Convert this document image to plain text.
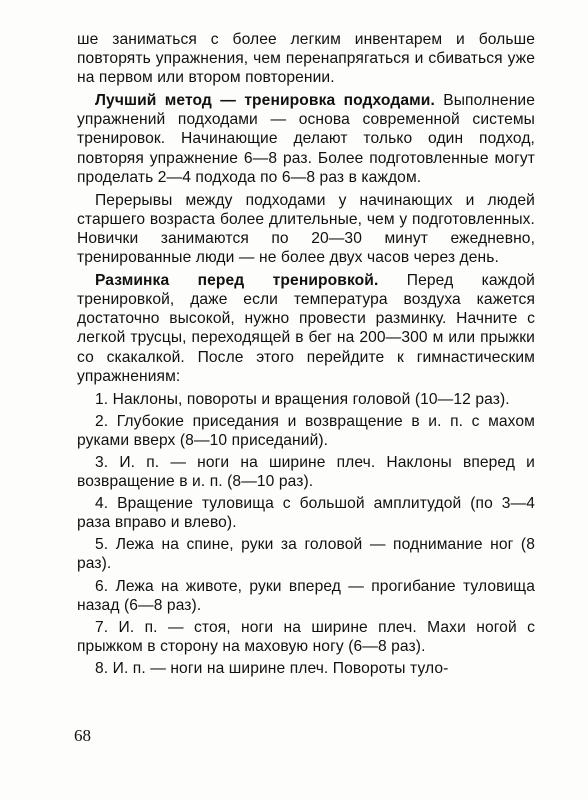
ше заниматься с более легким инвентарем и больше повторять упражнения, чем перенапрягаться и сбиваться уже на первом или втором повторении.

Лучший метод — тренировка подходами. Выполнение упражнений подходами — основа современной системы тренировок. Начинающие делают только один подход, повторяя упражнение 6—8 раз. Более подготовленные могут проделать 2—4 подхода по 6—8 раз в каждом.

Перерывы между подходами у начинающих и людей старшего возраста более длительные, чем у подготовленных. Новички занимаются по 20—30 минут ежедневно, тренированные люди — не более двух часов через день.

Разминка перед тренировкой. Перед каждой тренировкой, даже если температура воздуха кажется достаточно высокой, нужно провести разминку. Начните с легкой трусцы, переходящей в бег на 200—300 м или прыжки со скакалкой. После этого перейдите к гимнастическим упражнениям:

1. Наклоны, повороты и вращения головой (10—12 раз).

2. Глубокие приседания и возвращение в и. п. с махом руками вверх (8—10 приседаний).

3. И. п. — ноги на ширине плеч. Наклоны вперед и возвращение в и. п. (8—10 раз).

4. Вращение туловища с большой амплитудой (по 3—4 раза вправо и влево).

5. Лежа на спине, руки за головой — поднимание ног (8 раз).

6. Лежа на животе, руки вперед — прогибание туловища назад (6—8 раз).

7. И. п. — стоя, ноги на ширине плеч. Махи ногой с прыжком в сторону на маховую ногу (6—8 раз).

8. И. п. — ноги на ширине плеч. Повороты туло-

68
